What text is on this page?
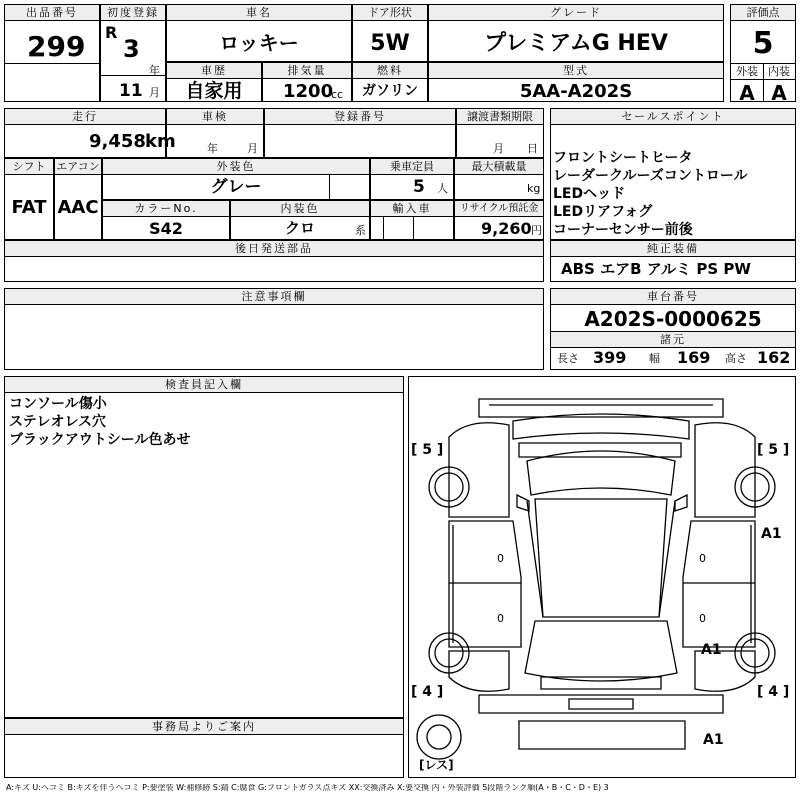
出品番号
299
初度登録
R
3
年
11 月
車名
ロッキー
ドア形状
5W
グレード
プレミアムG HEV
評価点
5
外装 内装
A A
車歴
自家用
排気量
1200
cc
燃料
ガソリン
型式
5AA-A202S
走行
9,458 km
車検
年	月
登録番号	譲渡書類期限
月 日
シフト
FAT
エアコン
AAC
外装色
グレー
乗車定員
5 人
最大積載量
kg
カラーNo.
S42
内装色
クロ	系
輸入車	リサイクル預託金
9,260 円
後日発送部品
セールスポイント
フロントシートヒータ
レーダークルーズコントロール
LEDヘッド
LEDリアフォグ
コーナーセンサー前後
純正装備
ABS エアB アルミ PS PW
注意事項欄	車台番号
A202S-0000625
諸元
長さ 399 幅 169 高さ 162
検査員記入欄
コンソール傷小
ステレオレス穴
ブラックアウトシール色あせ
事務局よりご案内
[ 5 ]	[ 5 ]
[ 4 ]	[ 4 ]
[レス]
A1
A1
A1
0	0
0	0
A:キズ U:ヘコミ B:キズを伴うヘコミ P:要塗装 W:補修跡 S:錆 C:腐食 G:フロントガラス点キズ XX:交換済み X:要交換 内・外装評価 5段階ランク順(A・B・C・D・E) 3
